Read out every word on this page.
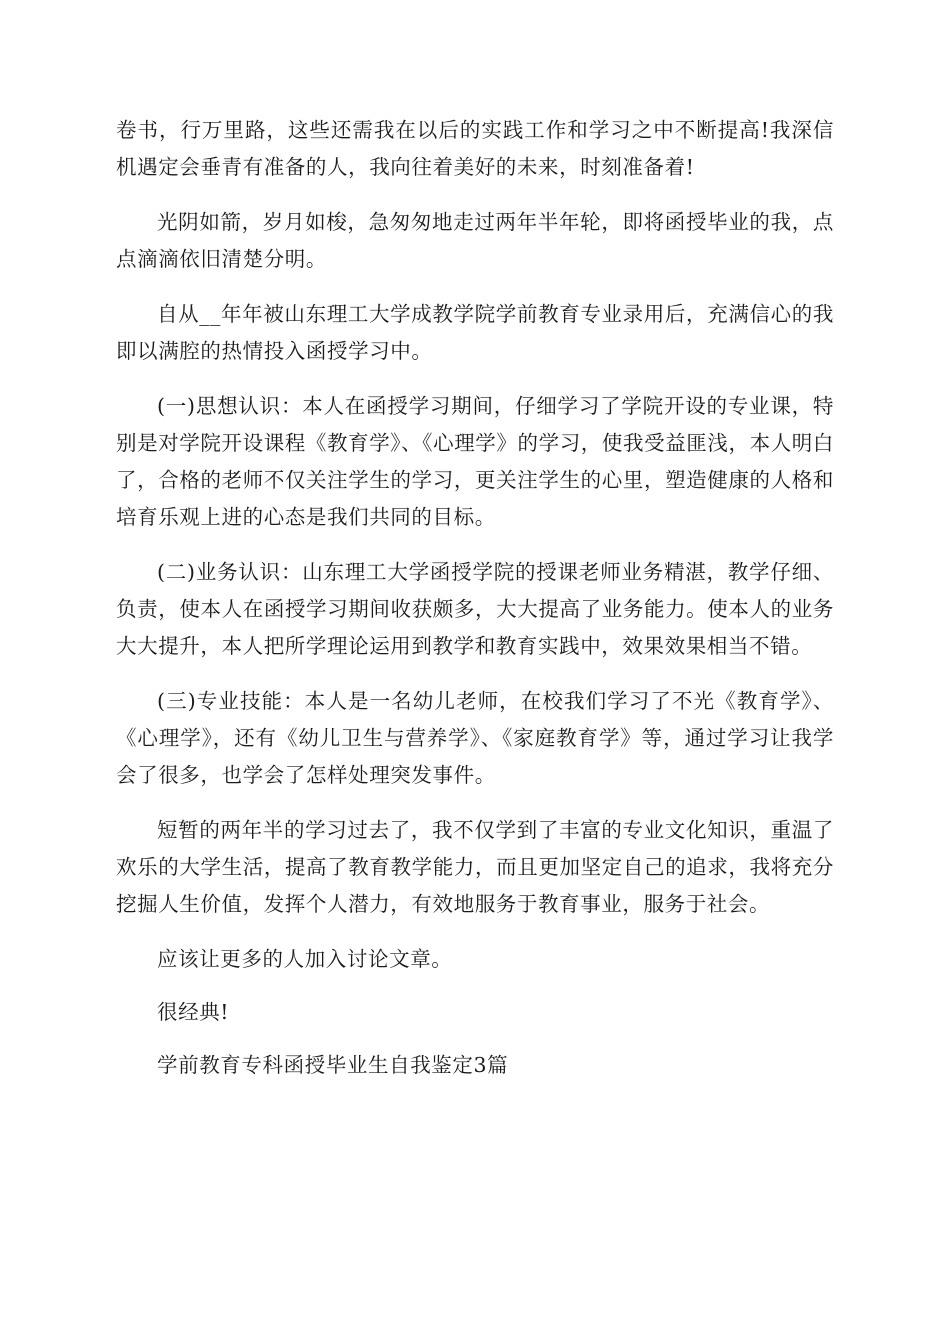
卷书，行万里路，这些还需我在以后的实践工作和学习之中不断提高!我深信机遇定会垂青有准备的人，我向往着美好的未来，时刻准备着!

光阴如箭，岁月如梭，急匆匆地走过两年半年轮，即将函授毕业的我，点点滴滴依旧清楚分明。

自从__年年被山东理工大学成教学院学前教育专业录用后，充满信心的我即以满腔的热情投入函授学习中。

(一)思想认识：本人在函授学习期间，仔细学习了学院开设的专业课，特别是对学院开设课程《教育学》、《心理学》的学习，使我受益匪浅，本人明白了，合格的老师不仅关注学生的学习，更关注学生的心里，塑造健康的人格和培育乐观上进的心态是我们共同的目标。

(二)业务认识：山东理工大学函授学院的授课老师业务精湛，教学仔细、负责，使本人在函授学习期间收获颇多，大大提高了业务能力。使本人的业务大大提升，本人把所学理论运用到教学和教育实践中，效果效果相当不错。

(三)专业技能：本人是一名幼儿老师，在校我们学习了不光《教育学》、《心理学》，还有《幼儿卫生与营养学》、《家庭教育学》等，通过学习让我学会了很多，也学会了怎样处理突发事件。

短暂的两年半的学习过去了，我不仅学到了丰富的专业文化知识，重温了欢乐的大学生活，提高了教育教学能力，而且更加坚定自己的追求，我将充分挖掘人生价值，发挥个人潜力，有效地服务于教育事业，服务于社会。

应该让更多的人加入讨论文章。

很经典!

学前教育专科函授毕业生自我鉴定3篇
